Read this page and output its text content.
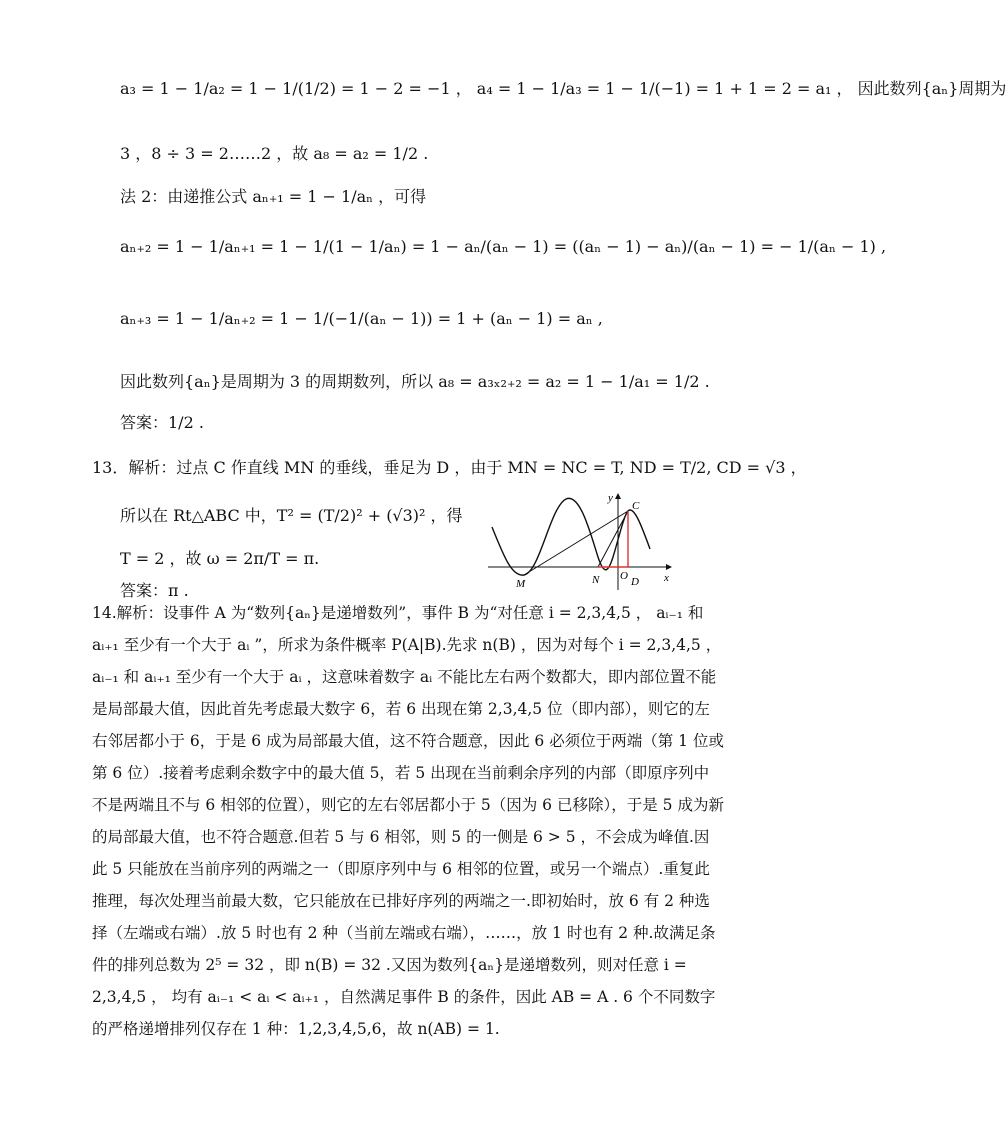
a₃ = 1 − 1/a₂ = 1 − 1/(1/2) = 1 − 2 = −1 ， a₄ = 1 − 1/a₃ = 1 − 1/(−1) = 1 + 1 = 2 = a₁ ， 因此数列{aₙ}周期为
3 ，8 ÷ 3 = 2……2 ，故 a₈ = a₂ = 1/2 .
法 2：由递推公式 aₙ₊₁ = 1 − 1/aₙ ，可得
aₙ₊₂ = 1 − 1/aₙ₊₁ = 1 − 1/(1 − 1/aₙ) = 1 − aₙ/(aₙ − 1) = ((aₙ − 1) − aₙ)/(aₙ − 1) = − 1/(aₙ − 1) ,
aₙ₊₃ = 1 − 1/aₙ₊₂ = 1 − 1/(−1/(aₙ − 1)) = 1 + (aₙ − 1) = aₙ ,
因此数列{aₙ}是周期为 3 的周期数列，所以 a₈ = a₃ₓ₂₊₂ = a₂ = 1 − 1/a₁ = 1/2 .
答案：1/2 .
13．解析：过点 C 作直线 MN 的垂线，垂足为 D ，由于 MN = NC = T, ND = T/2, CD = √3 ，
所以在 Rt△ABC 中，T² = (T/2)² + (√3)² ，得
T = 2 ，故 ω = 2π/T = π.
答案：π .
y
x
C
M	N O D
14.解析：设事件 A 为“数列{aₙ}是递增数列”，事件 B 为“对任意 i = 2,3,4,5 ， aᵢ₋₁ 和 aᵢ₊₁ 至少有一个大于 aᵢ ”，所求为条件概率 P(A|B).先求 n(B) ，因为对每个 i = 2,3,4,5 ， aᵢ₋₁ 和 aᵢ₊₁ 至少有一个大于 aᵢ ，这意味着数字 aᵢ 不能比左右两个数都大，即内部位置不能是局部最大值，因此首先考虑最大数字 6，若 6 出现在第 2,3,4,5 位（即内部），则它的左右邻居都小于 6，于是 6 成为局部最大值，这不符合题意，因此 6 必须位于两端（第 1 位或第 6 位）.接着考虑剩余数字中的最大值 5，若 5 出现在当前剩余序列的内部（即原序列中不是两端且不与 6 相邻的位置），则它的左右邻居都小于 5（因为 6 已移除），于是 5 成为新的局部最大值，也不符合题意.但若 5 与 6 相邻，则 5 的一侧是 6 > 5 ，不会成为峰值.因此 5 只能放在当前序列的两端之一（即原序列中与 6 相邻的位置，或另一个端点）.重复此推理，每次处理当前最大数，它只能放在已排好序列的两端之一.即初始时，放 6 有 2 种选择（左端或右端）.放 5 时也有 2 种（当前左端或右端），……，放 1 时也有 2 种.故满足条件的排列总数为 2⁵ = 32 ，即 n(B) = 32 .又因为数列{aₙ}是递增数列，则对任意 i = 2,3,4,5 ， 均有 aᵢ₋₁ < aᵢ < aᵢ₊₁ ，自然满足事件 B 的条件，因此 AB = A . 6 个不同数字的严格递增排列仅存在 1 种：1,2,3,4,5,6，故 n(AB) = 1.
